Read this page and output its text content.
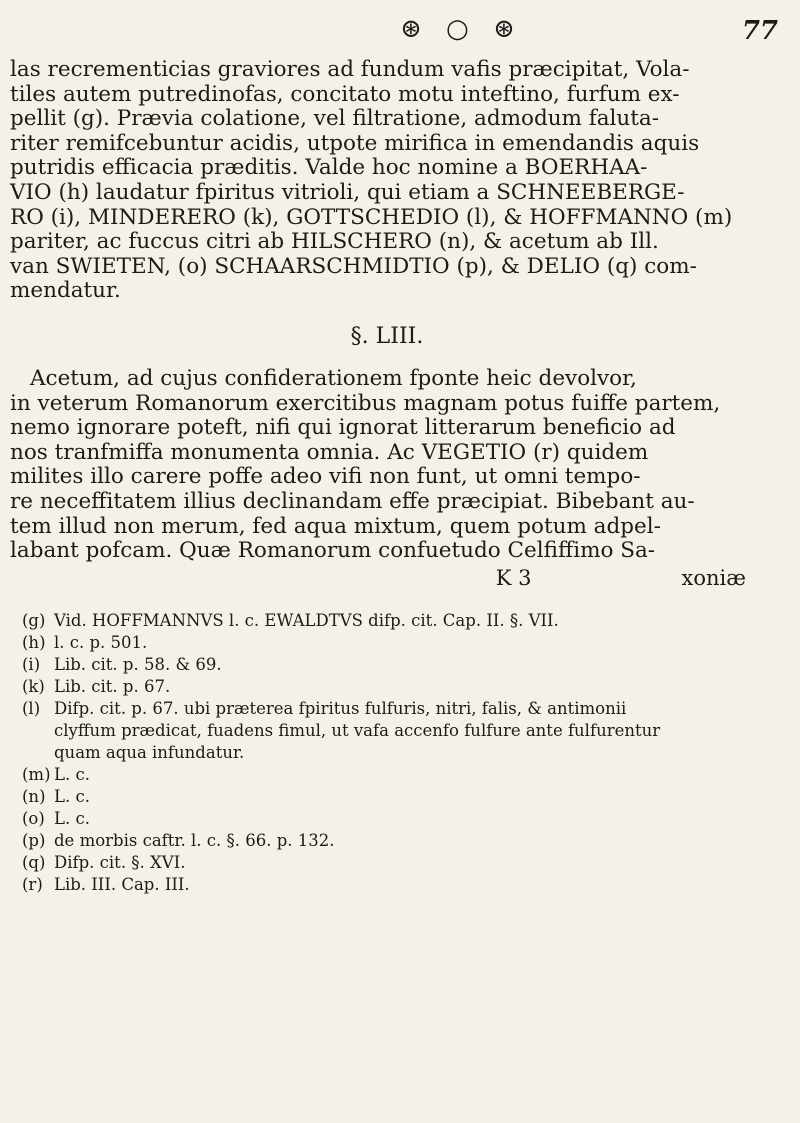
⊛ ○ ⊛	77

las recrementicias graviores ad fundum vafis præcipitat, Vola-

tiles autem putredinofas, concitato motu inteftino, furfum ex-

pellit (g). Prævia colatione, vel filtratione, admodum faluta-

riter remifcebuntur acidis, utpote mirifica in emendandis aquis

putridis efficacia præditis. Valde hoc nomine a BOERHAA-

VIO (h) laudatur fpiritus vitrioli, qui etiam a SCHNEEBERGE-

RO (i), MINDERERO (k), GOTTSCHEDIO (l), & HOFFMANNO (m)

pariter, ac fuccus citri ab HILSCHERO (n), & acetum ab Ill.

van SWIETEN, (o) SCHAARSCHMIDTIO (p), & DELIO (q) com-

mendatur.

§. LIII.

Acetum, ad cujus confiderationem fponte heic devolvor,

in veterum Romanorum exercitibus magnam potus fuiffe partem,

nemo ignorare poteft, nifi qui ignorat litterarum beneficio ad

nos tranfmiffa monumenta omnia. Ac VEGETIO (r) quidem

milites illo carere poffe adeo vifi non funt, ut omni tempo-

re neceffitatem illius declinandam effe præcipiat. Bibebant au-

tem illud non merum, fed aqua mixtum, quem potum adpel-

labant pofcam. Quæ Romanorum confuetudo Celfiffimo Sa-

K 3	xoniæ
(g) Vid. HOFFMANNVS l. c. EWALDTVS difp. cit. Cap. II. §. VII.
(h) l. c. p. 501.
(i) Lib. cit. p. 58. & 69.
(k) Lib. cit. p. 67.
(l) Difp. cit. p. 67. ubi præterea fpiritus fulfuris, nitri, falis, & antimonii
clyffum prædicat, fuadens fimul, ut vafa accenfo fulfure ante fulfurentur
quam aqua infundatur.
(m) L. c.
(n) L. c.
(o) L. c.
(p) de morbis caftr. l. c. §. 66. p. 132.
(q) Difp. cit. §. XVI.
(r) Lib. III. Cap. III.
